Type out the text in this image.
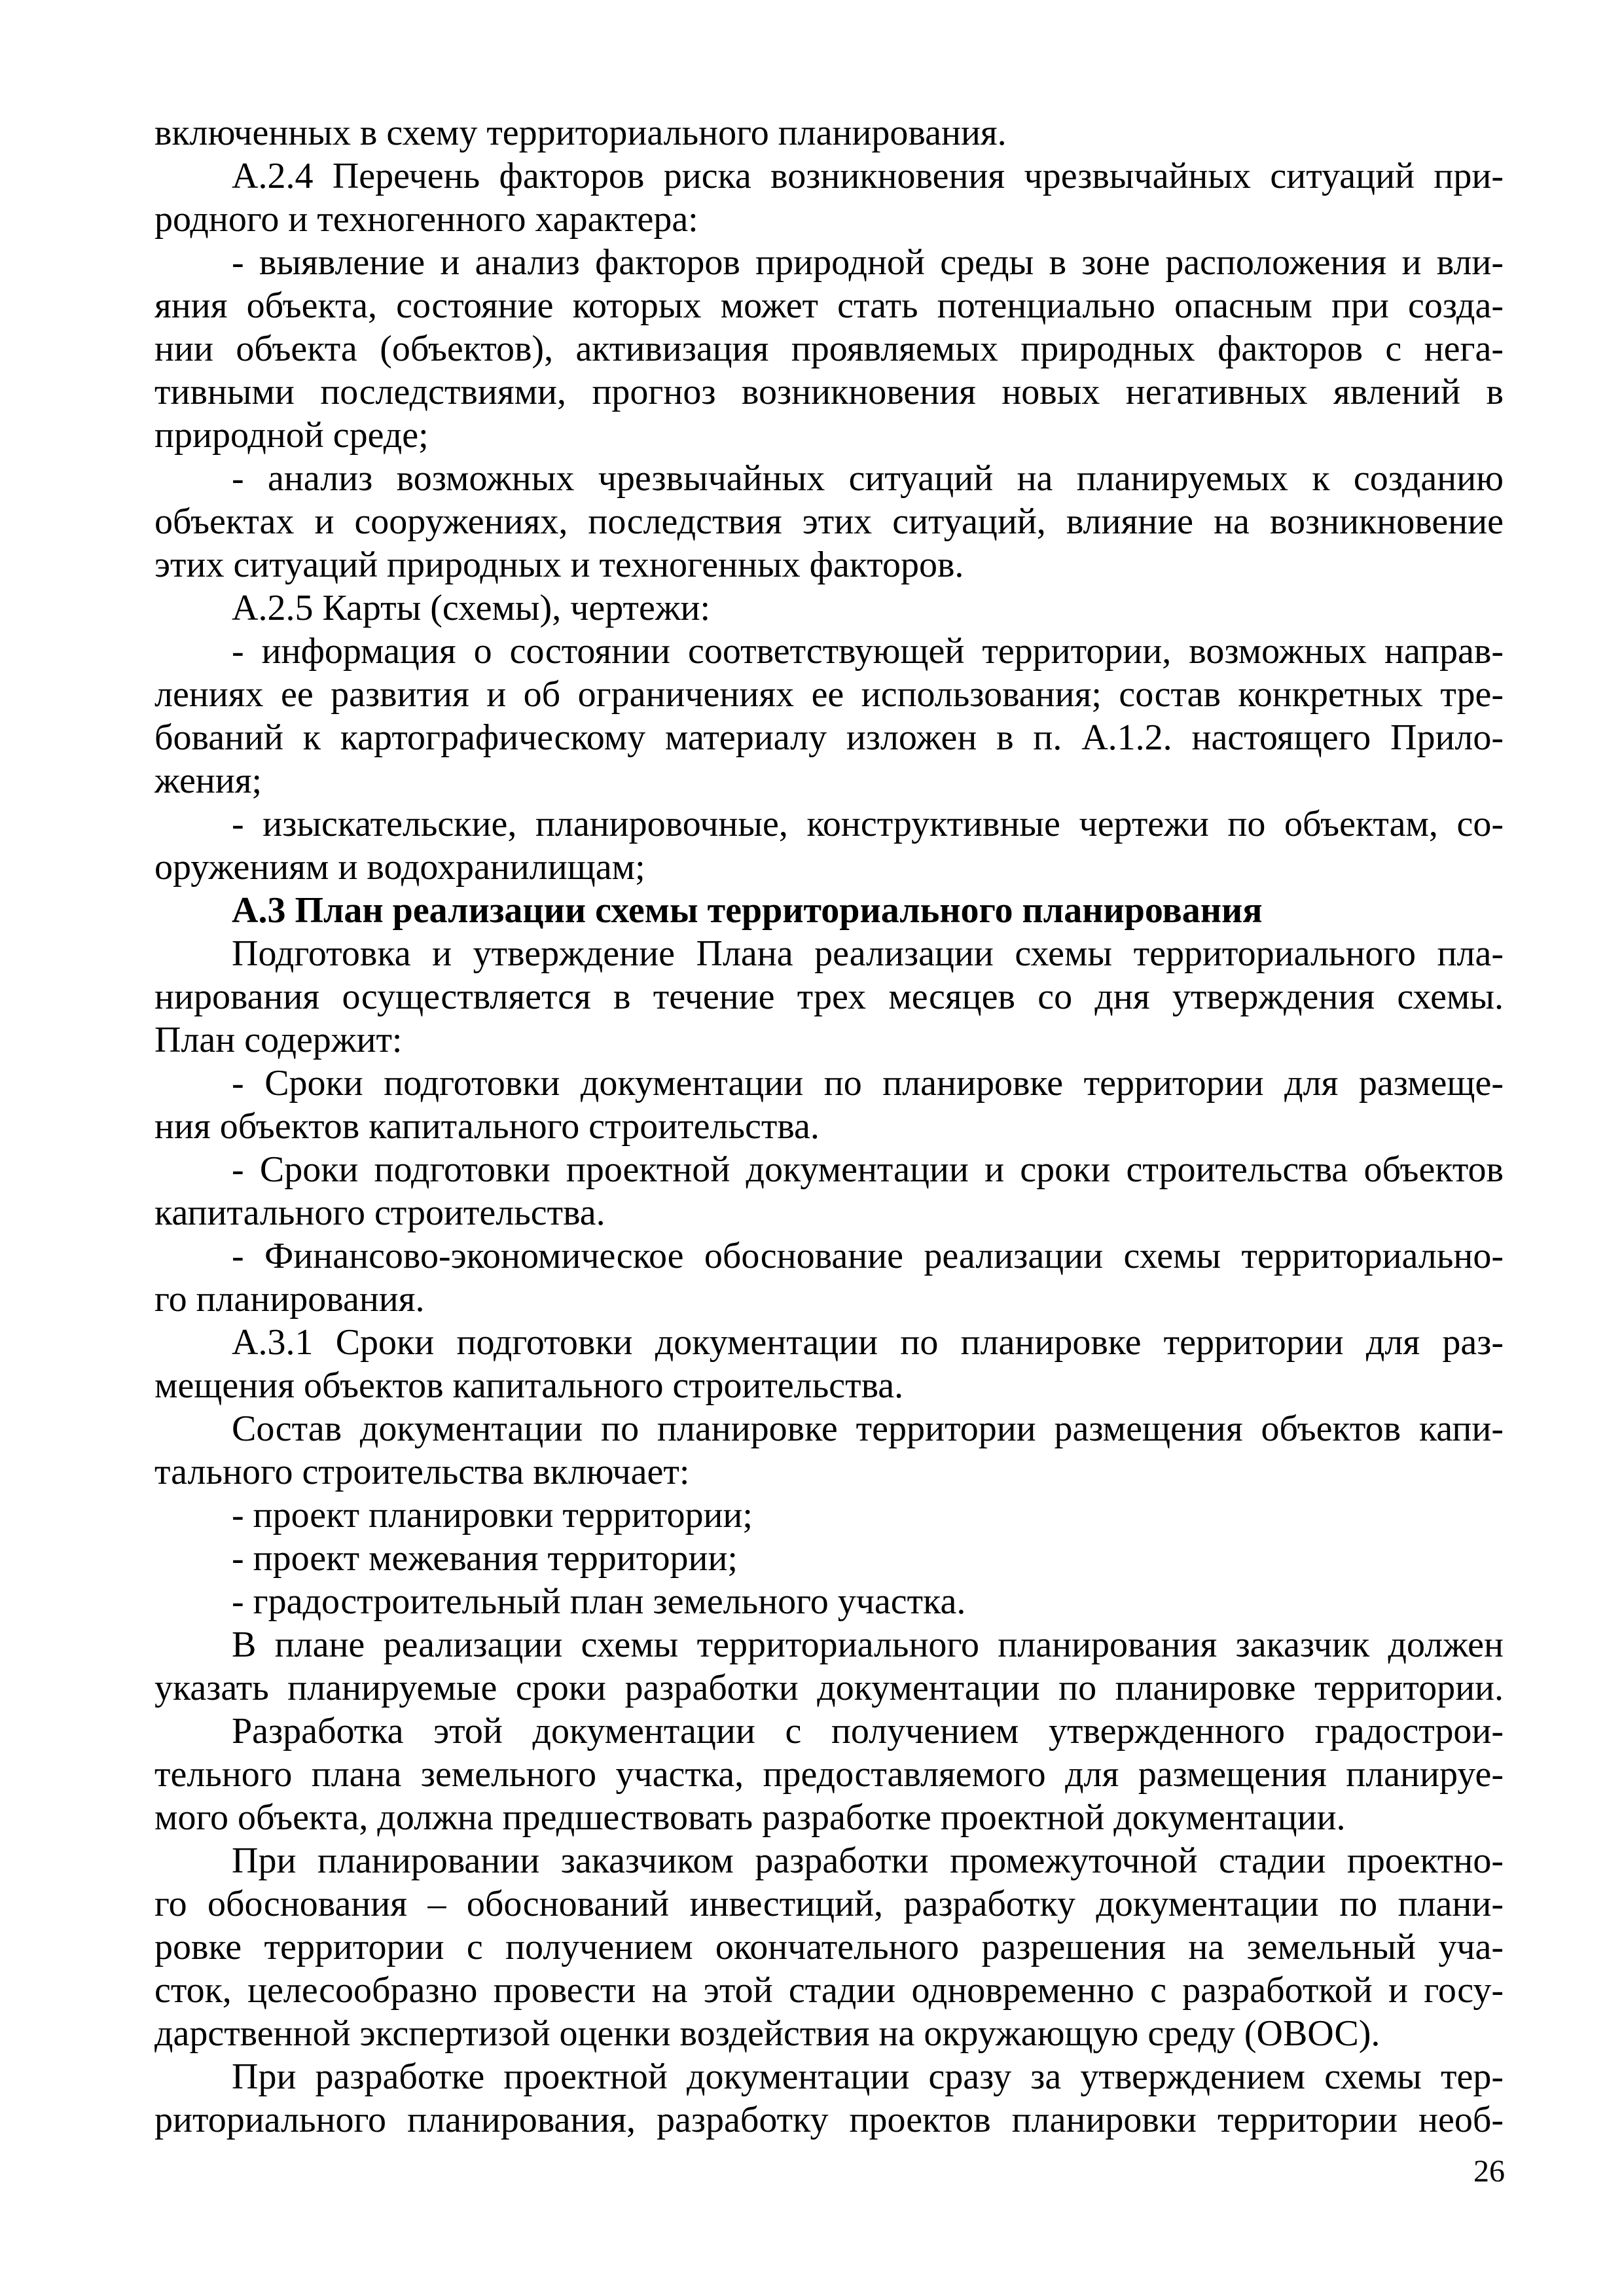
включенных в схему территориального планирования.

А.2.4 Перечень факторов риска возникновения чрезвычайных ситуаций при-

родного и техногенного характера:

- выявление и анализ факторов природной среды в зоне расположения и вли-

яния объекта, состояние которых может стать потенциально опасным при созда-

нии объекта (объектов), активизация проявляемых природных факторов с нега-

тивными последствиями, прогноз возникновения новых негативных явлений в

природной среде;

- анализ возможных чрезвычайных ситуаций на планируемых к созданию

объектах и сооружениях, последствия этих ситуаций, влияние на возникновение

этих ситуаций природных и техногенных факторов.

А.2.5 Карты (схемы), чертежи:

- информация о состоянии соответствующей территории, возможных направ-

лениях ее развития и об ограничениях ее использования; состав конкретных тре-

бований к картографическому материалу изложен в п. А.1.2. настоящего Прило-

жения;

- изыскательские, планировочные, конструктивные чертежи по объектам, со-

оружениям и водохранилищам;

А.3 План реализации схемы территориального планирования

Подготовка и утверждение Плана реализации схемы территориального пла-

нирования осуществляется в течение трех месяцев со дня утверждения схемы.

План содержит:

- Сроки подготовки документации по планировке территории для размеще-

ния объектов капитального строительства.

- Сроки подготовки проектной документации и сроки строительства объектов

капитального строительства.

- Финансово-экономическое обоснование реализации схемы территориально-

го планирования.

А.3.1 Сроки подготовки документации по планировке территории для раз-

мещения объектов капитального строительства.

Состав документации по планировке территории размещения объектов капи-

тального строительства включает:

- проект планировки территории;

- проект межевания территории;

- градостроительный план земельного участка.

В плане реализации схемы территориального планирования заказчик должен

указать планируемые сроки разработки документации по планировке территории.

Разработка этой документации с получением утвержденного градострои-

тельного плана земельного участка, предоставляемого для размещения планируе-

мого объекта, должна предшествовать разработке проектной документации.

При планировании заказчиком разработки промежуточной стадии проектно-

го обоснования – обоснований инвестиций, разработку документации по плани-

ровке территории с получением окончательного разрешения на земельный уча-

сток, целесообразно провести на этой стадии одновременно с разработкой и госу-

дарственной экспертизой оценки воздействия на окружающую среду (ОВОС).

При разработке проектной документации сразу за утверждением схемы тер-

риториального планирования, разработку проектов планировки территории необ-

26
